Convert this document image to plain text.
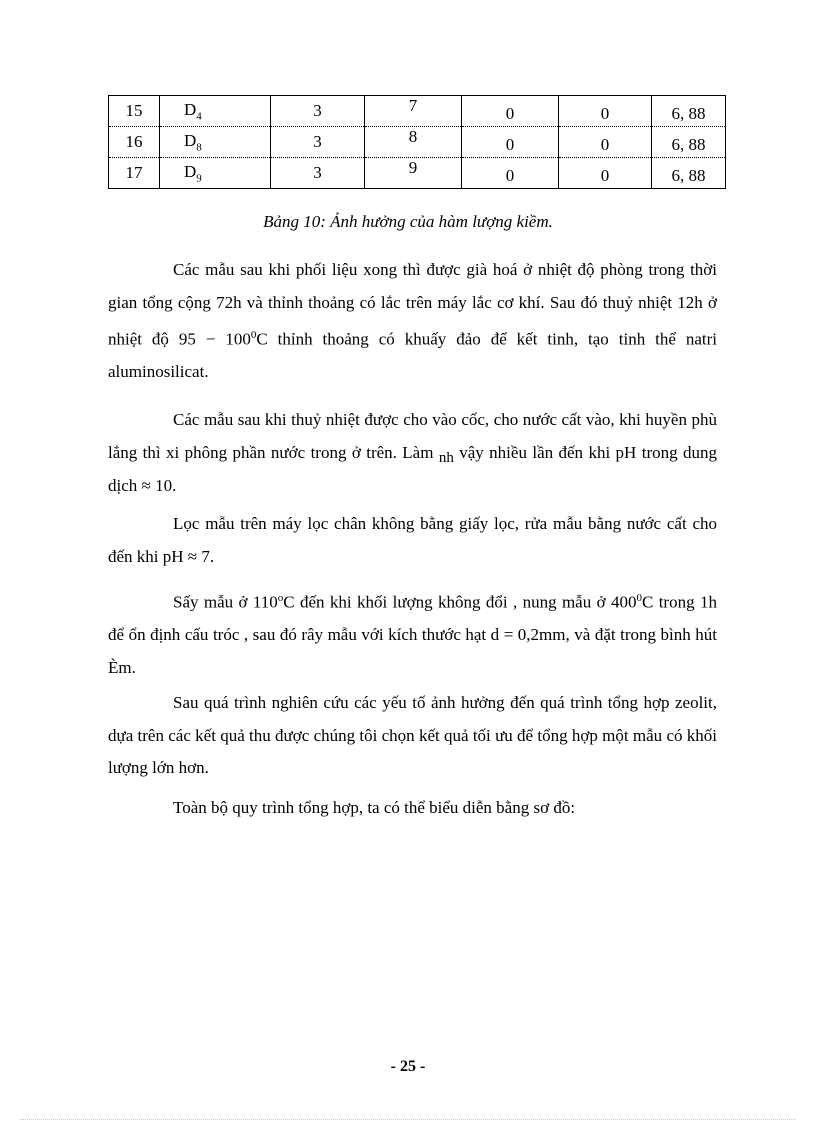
15	$D_4$	3	7	0	0	6, 88
16	$D_8$	3	8	0	0	6, 88
17	$D_9$	3	9	0	0	6, 88
Bảng 10: Ảnh hưởng của hàm lượng kiềm.

Các mẫu sau khi phối liệu xong thì được già hoá ở nhiệt độ phòng trong thời gian tổng cộng 72h và thỉnh thoảng có lắc trên máy lắc cơ khí. Sau đó thuỷ nhiệt 12h ở nhiệt độ $95 - 100^0C$ thỉnh thoảng có khuấy đảo để kết tinh, tạo tinh thể natri aluminosilicat.

Các mẫu sau khi thuỷ nhiệt được cho vào cốc, cho nước cất vào, khi huyền phù lắng thì xi phông phần nước trong ở trên. Làm nh vậy nhiều lần đến khi pH trong dung dịch ≈ 10.

Lọc mẫu trên máy lọc chân không bằng giấy lọc, rửa mẫu bằng nước cất cho đến khi pH ≈ 7.

Sấy mẫu ở 110$^o$C đến khi khối lượng không đổi , nung mẫu ở $400^0C$ trong 1h để ổn định cấu tróc , sau đó rây mẫu với kích thước hạt d = 0,2mm, và đặt trong bình hút Èm.

Sau quá trình nghiên cứu các yếu tố ảnh hưởng đến quá trình tổng hợp zeolit, dựa trên các kết quả thu được chúng tôi chọn kết quả tối ưu để tổng hợp một mẫu có khối lượng lớn hơn.

Toàn bộ quy trình tổng hợp, ta có thể biểu diễn bằng sơ đồ:

- 25 -
